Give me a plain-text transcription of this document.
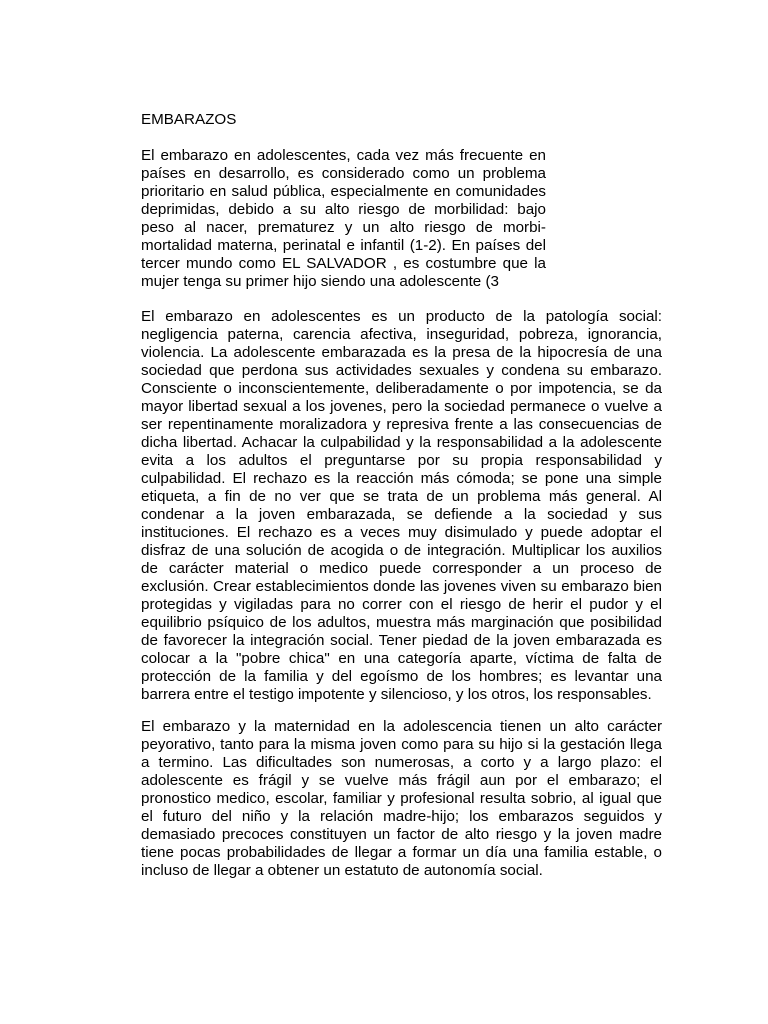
EMBARAZOS

El embarazo en adolescentes, cada vez más frecuente en países en desarrollo, es considerado como un problema prioritario en salud pública, especialmente en comunidades deprimidas, debido a su alto riesgo de morbilidad: bajo peso al nacer, prematurez y un alto riesgo de morbi-mortalidad materna, perinatal e infantil (1-2). En países del tercer mundo como EL SALVADOR , es costumbre que la mujer tenga su primer hijo siendo una adolescente (3

El embarazo en adolescentes es un producto de la patología social: negligencia paterna, carencia afectiva, inseguridad, pobreza, ignorancia, violencia. La adolescente embarazada es la presa de la hipocresía de una sociedad que perdona sus actividades sexuales y condena su embarazo. Consciente o inconscientemente, deliberadamente o por impotencia, se da mayor libertad sexual a los jovenes, pero la sociedad permanece o vuelve a ser repentinamente moralizadora y represiva frente a las consecuencias de dicha libertad. Achacar la culpabilidad y la responsabilidad a la adolescente evita a los adultos el preguntarse por su propia responsabilidad y culpabilidad. El rechazo es la reacción más cómoda; se pone una simple etiqueta, a fin de no ver que se trata de un problema más general. Al condenar a la joven embarazada, se defiende a la sociedad y sus instituciones. El rechazo es a veces muy disimulado y puede adoptar el disfraz de una solución de acogida o de integración. Multiplicar los auxilios de carácter material o medico puede corresponder a un proceso de exclusión. Crear establecimientos donde las jovenes viven su embarazo bien protegidas y vigiladas para no correr con el riesgo de herir el pudor y el equilibrio psíquico de los adultos, muestra más marginación que posibilidad de favorecer la integración social. Tener piedad de la joven embarazada es colocar a la "pobre chica" en una categoría aparte, víctima de falta de protección de la familia y del egoísmo de los hombres; es levantar una barrera entre el testigo impotente y silencioso, y los otros, los responsables.

El embarazo y la maternidad en la adolescencia tienen un alto carácter peyorativo, tanto para la misma joven como para su hijo si la gestación llega a termino. Las dificultades son numerosas, a corto y a largo plazo: el adolescente es frágil y se vuelve más frágil aun por el embarazo; el pronostico medico, escolar, familiar y profesional resulta sobrio, al igual que el futuro del niño y la relación madre-hijo; los embarazos seguidos y demasiado precoces constituyen un factor de alto riesgo y la joven madre tiene pocas probabilidades de llegar a formar un día una familia estable, o incluso de llegar a obtener un estatuto de autonomía social.
